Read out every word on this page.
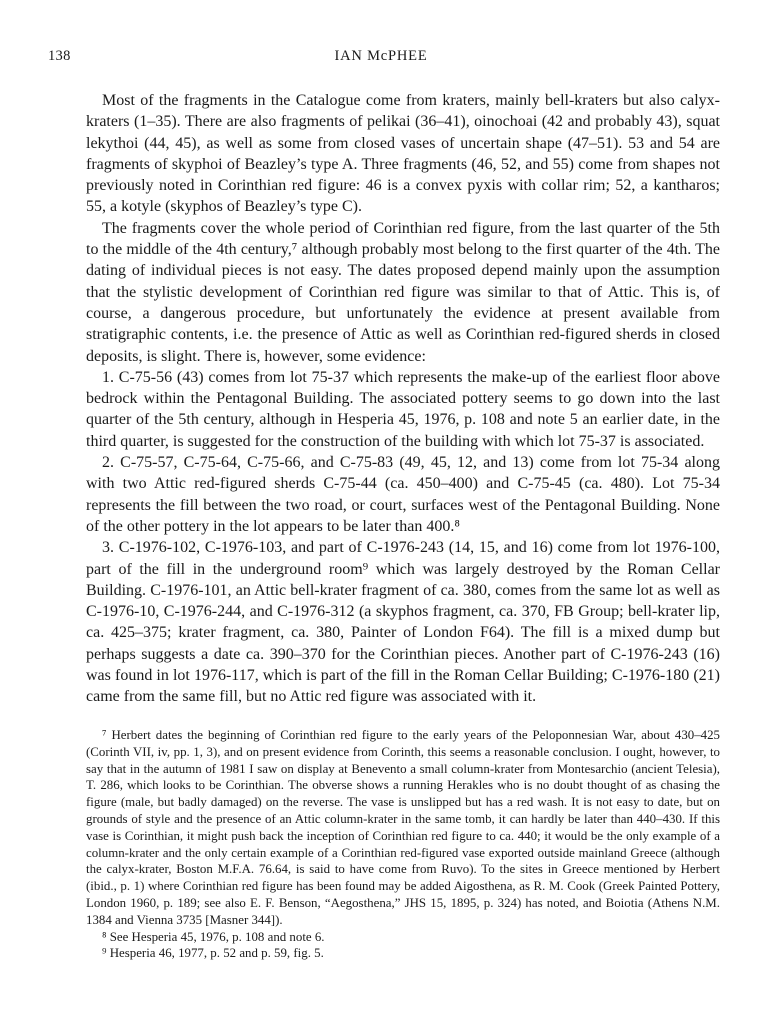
138	IAN McPHEE

Most of the fragments in the Catalogue come from kraters, mainly bell-kraters but also calyx-kraters (1–35). There are also fragments of pelikai (36–41), oinochoai (42 and probably 43), squat lekythoi (44, 45), as well as some from closed vases of uncertain shape (47–51). 53 and 54 are fragments of skyphoi of Beazley’s type A. Three fragments (46, 52, and 55) come from shapes not previously noted in Corinthian red figure: 46 is a convex pyxis with collar rim; 52, a kantharos; 55, a kotyle (skyphos of Beazley’s type C).

The fragments cover the whole period of Corinthian red figure, from the last quarter of the 5th to the middle of the 4th century,⁷ although probably most belong to the first quarter of the 4th. The dating of individual pieces is not easy. The dates proposed depend mainly upon the assumption that the stylistic development of Corinthian red figure was similar to that of Attic. This is, of course, a dangerous procedure, but unfortunately the evidence at present available from stratigraphic contents, i.e. the presence of Attic as well as Corinthian red-figured sherds in closed deposits, is slight. There is, however, some evidence:

1. C-75-56 (43) comes from lot 75-37 which represents the make-up of the earliest floor above bedrock within the Pentagonal Building. The associated pottery seems to go down into the last quarter of the 5th century, although in Hesperia 45, 1976, p. 108 and note 5 an earlier date, in the third quarter, is suggested for the construction of the building with which lot 75-37 is associated.

2. C-75-57, C-75-64, C-75-66, and C-75-83 (49, 45, 12, and 13) come from lot 75-34 along with two Attic red-figured sherds C-75-44 (ca. 450–400) and C-75-45 (ca. 480). Lot 75-34 represents the fill between the two road, or court, surfaces west of the Pentagonal Building. None of the other pottery in the lot appears to be later than 400.⁸

3. C-1976-102, C-1976-103, and part of C-1976-243 (14, 15, and 16) come from lot 1976-100, part of the fill in the underground room⁹ which was largely destroyed by the Roman Cellar Building. C-1976-101, an Attic bell-krater fragment of ca. 380, comes from the same lot as well as C-1976-10, C-1976-244, and C-1976-312 (a skyphos fragment, ca. 370, FB Group; bell-krater lip, ca. 425–375; krater fragment, ca. 380, Painter of London F64). The fill is a mixed dump but perhaps suggests a date ca. 390–370 for the Corinthian pieces. Another part of C-1976-243 (16) was found in lot 1976-117, which is part of the fill in the Roman Cellar Building; C-1976-180 (21) came from the same fill, but no Attic red figure was associated with it.

⁷ Herbert dates the beginning of Corinthian red figure to the early years of the Peloponnesian War, about 430–425 (Corinth VII, iv, pp. 1, 3), and on present evidence from Corinth, this seems a reasonable conclusion. I ought, however, to say that in the autumn of 1981 I saw on display at Benevento a small column-krater from Montesarchio (ancient Telesia), T. 286, which looks to be Corinthian. The obverse shows a running Herakles who is no doubt thought of as chasing the figure (male, but badly damaged) on the reverse. The vase is unslipped but has a red wash. It is not easy to date, but on grounds of style and the presence of an Attic column-krater in the same tomb, it can hardly be later than 440–430. If this vase is Corinthian, it might push back the inception of Corinthian red figure to ca. 440; it would be the only example of a column-krater and the only certain example of a Corinthian red-figured vase exported outside mainland Greece (although the calyx-krater, Boston M.F.A. 76.64, is said to have come from Ruvo). To the sites in Greece mentioned by Herbert (ibid., p. 1) where Corinthian red figure has been found may be added Aigosthena, as R. M. Cook (Greek Painted Pottery, London 1960, p. 189; see also E. F. Benson, “Aegosthena,” JHS 15, 1895, p. 324) has noted, and Boiotia (Athens N.M. 1384 and Vienna 3735 [Masner 344]).

⁸ See Hesperia 45, 1976, p. 108 and note 6.

⁹ Hesperia 46, 1977, p. 52 and p. 59, fig. 5.
